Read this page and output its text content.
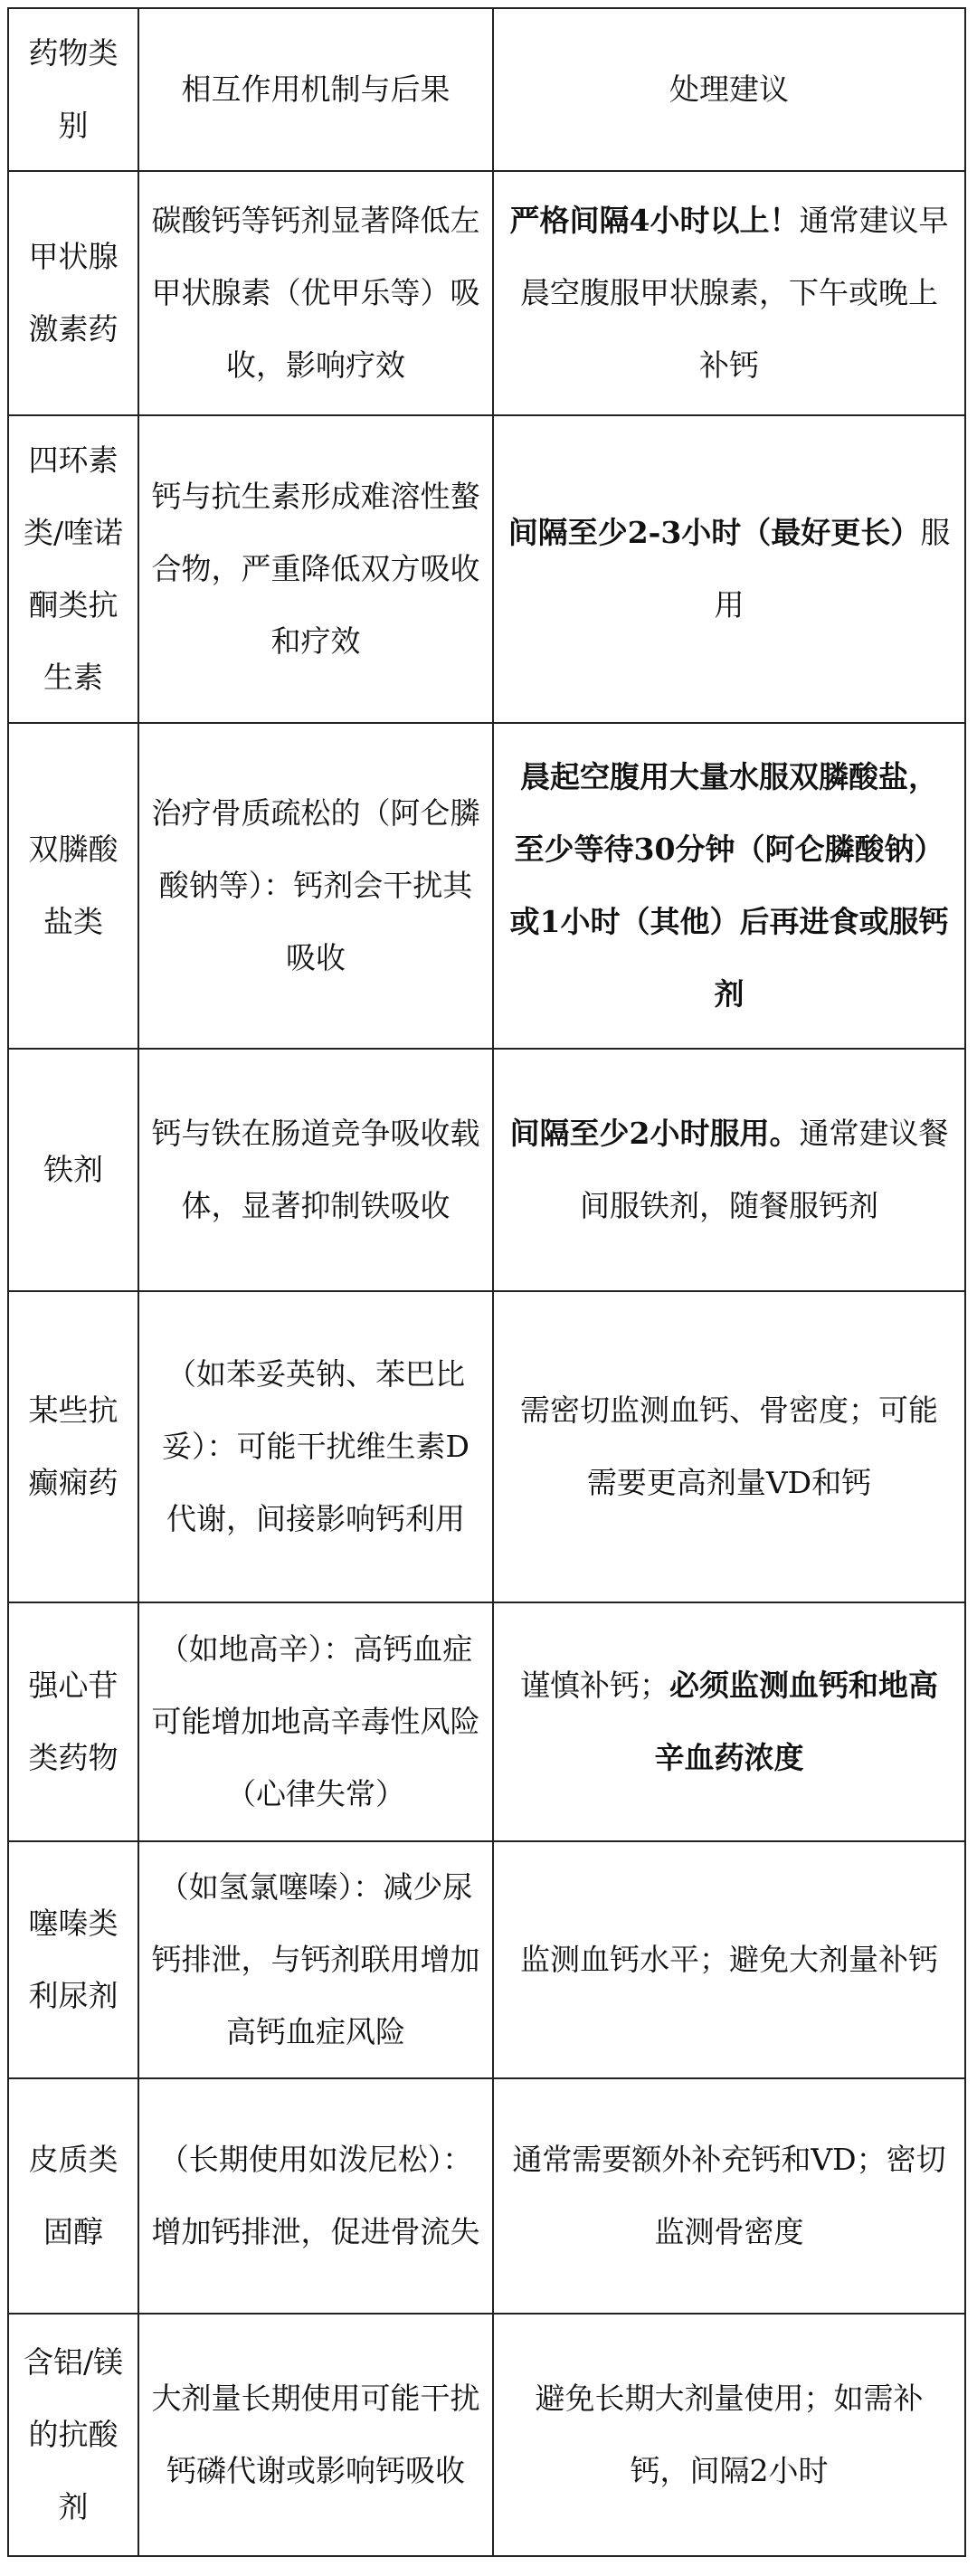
药物类别	相互作用机制与后果	处理建议
甲状腺激素药	碳酸钙等钙剂显著降低左甲状腺素（优甲乐等）吸收，影响疗效	严格间隔4小时以上！通常建议早晨空腹服甲状腺素，下午或晚上补钙
四环素类/喹诺酮类抗生素	钙与抗生素形成难溶性螯合物，严重降低双方吸收和疗效	间隔至少2-3小时（最好更长）服用
双膦酸盐类	治疗骨质疏松的（阿仑膦酸钠等）：钙剂会干扰其吸收	晨起空腹用大量水服双膦酸盐，至少等待30分钟（阿仑膦酸钠）或1小时（其他）后再进食或服钙剂
铁剂	钙与铁在肠道竞争吸收载体，显著抑制铁吸收	间隔至少2小时服用。通常建议餐间服铁剂，随餐服钙剂
某些抗癫痫药	（如苯妥英钠、苯巴比妥）：可能干扰维生素D代谢，间接影响钙利用	需密切监测血钙、骨密度；可能需要更高剂量VD和钙
强心苷类药物	（如地高辛）：高钙血症可能增加地高辛毒性风险（心律失常）	谨慎补钙；必须监测血钙和地高辛血药浓度
噻嗪类利尿剂	（如氢氯噻嗪）：减少尿钙排泄，与钙剂联用增加高钙血症风险	监测血钙水平；避免大剂量补钙
皮质类固醇	（长期使用如泼尼松）：增加钙排泄，促进骨流失	通常需要额外补充钙和VD；密切监测骨密度
含铝/镁的抗酸剂	大剂量长期使用可能干扰钙磷代谢或影响钙吸收	避免长期大剂量使用；如需补钙，间隔2小时
